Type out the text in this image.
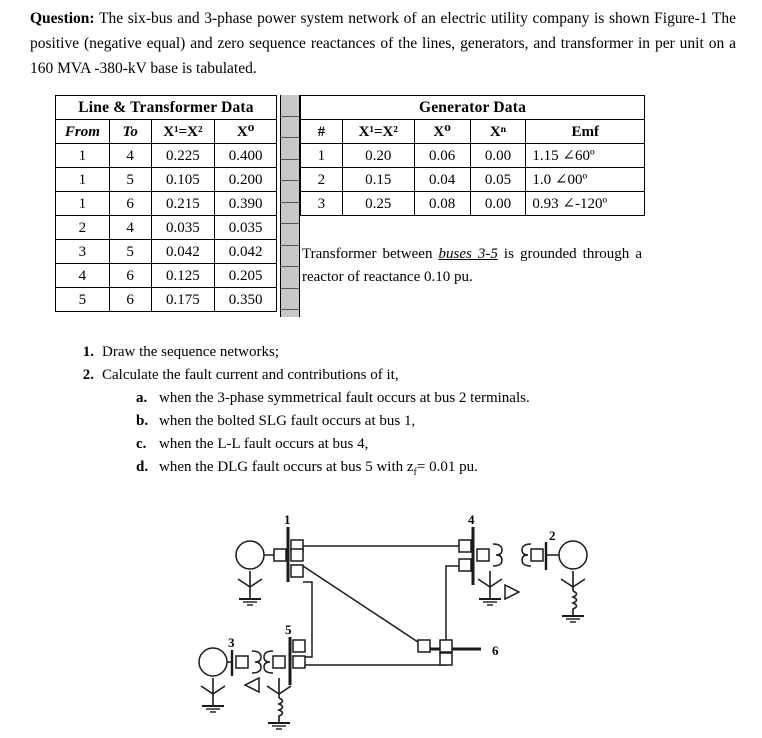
Question: The six-bus and 3-phase power system network of an electric utility company is shown Figure-1 The positive (negative equal) and zero sequence reactances of the lines, generators, and transformer in per unit on a 160 MVA -380-kV base is tabulated.
Line & Transformer Data			
From	To	X¹=X²	X⁰
1	4	0.225	0.400
1	5	0.105	0.200
1	6	0.215	0.390
2	4	0.035	0.035
3	5	0.042	0.042
4	6	0.125	0.205
5	6	0.175	0.350
Generator Data				
#	X¹=X²	X⁰	Xⁿ	Emf
1	0.20	0.06	0.00	1.15 ∠60º
2	0.15	0.04	0.05	1.0 ∠00º
3	0.25	0.08	0.00	0.93 ∠-120º
Transformer between buses 3-5 is grounded through a reactor of reactance 0.10 pu.
1. Draw the sequence networks;
2. Calculate the fault current and contributions of it,
a. when the 3-phase symmetrical fault occurs at bus 2 terminals.
b. when the bolted SLG fault occurs at bus 1,
c. when the L-L fault occurs at bus 4,
d. when the DLG fault occurs at bus 5 with $z_f= 0.01$ pu.
1
2
3
4
5
6
